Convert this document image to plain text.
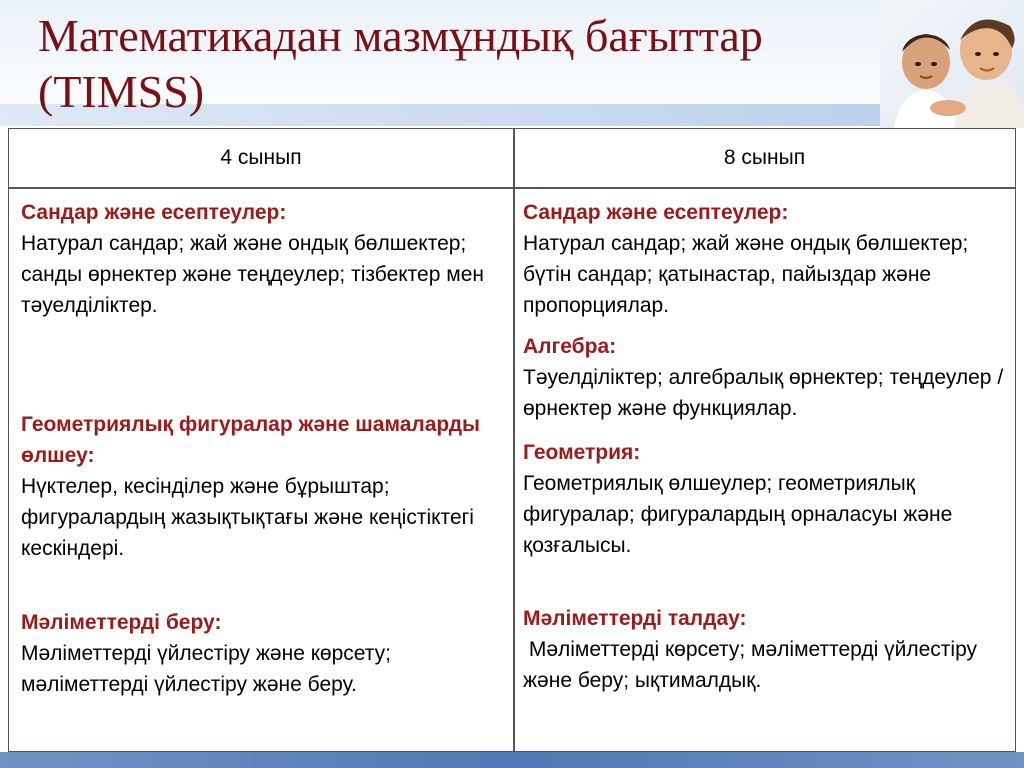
Математикадан мазмұндық бағыттар
(TIMSS)
4 сынып	8 сынып

Сандар және есептеулер:

Натурал сандар; жай және ондық бөлшектер; санды өрнектер және теңдеулер; тізбектер мен тәуелділіктер.

Геометриялық фигуралар және шамаларды өлшеу:

Нүктелер, кесінділер және бұрыштар; фигуралардың жазықтықтағы және кеңістіктегі кескіндері.

Мәліметтерді беру:

Мәліметтерді үйлестіру және көрсету; мәліметтерді үйлестіру және беру.

Сандар және есептеулер:

Натурал сандар; жай және ондық бөлшектер; бүтін сандар; қатынастар, пайыздар және пропорциялар.

Алгебра:

Тәуелділіктер; алгебралық өрнектер; теңдеулер / өрнектер және функциялар.

Геометрия:

Геометриялық өлшеулер; геометриялық фигуралар; фигуралардың орналасуы және қозғалысы.

Мәліметтерді талдау:

Мәліметтерді көрсету; мәліметтерді үйлестіру және беру; ықтималдық.
